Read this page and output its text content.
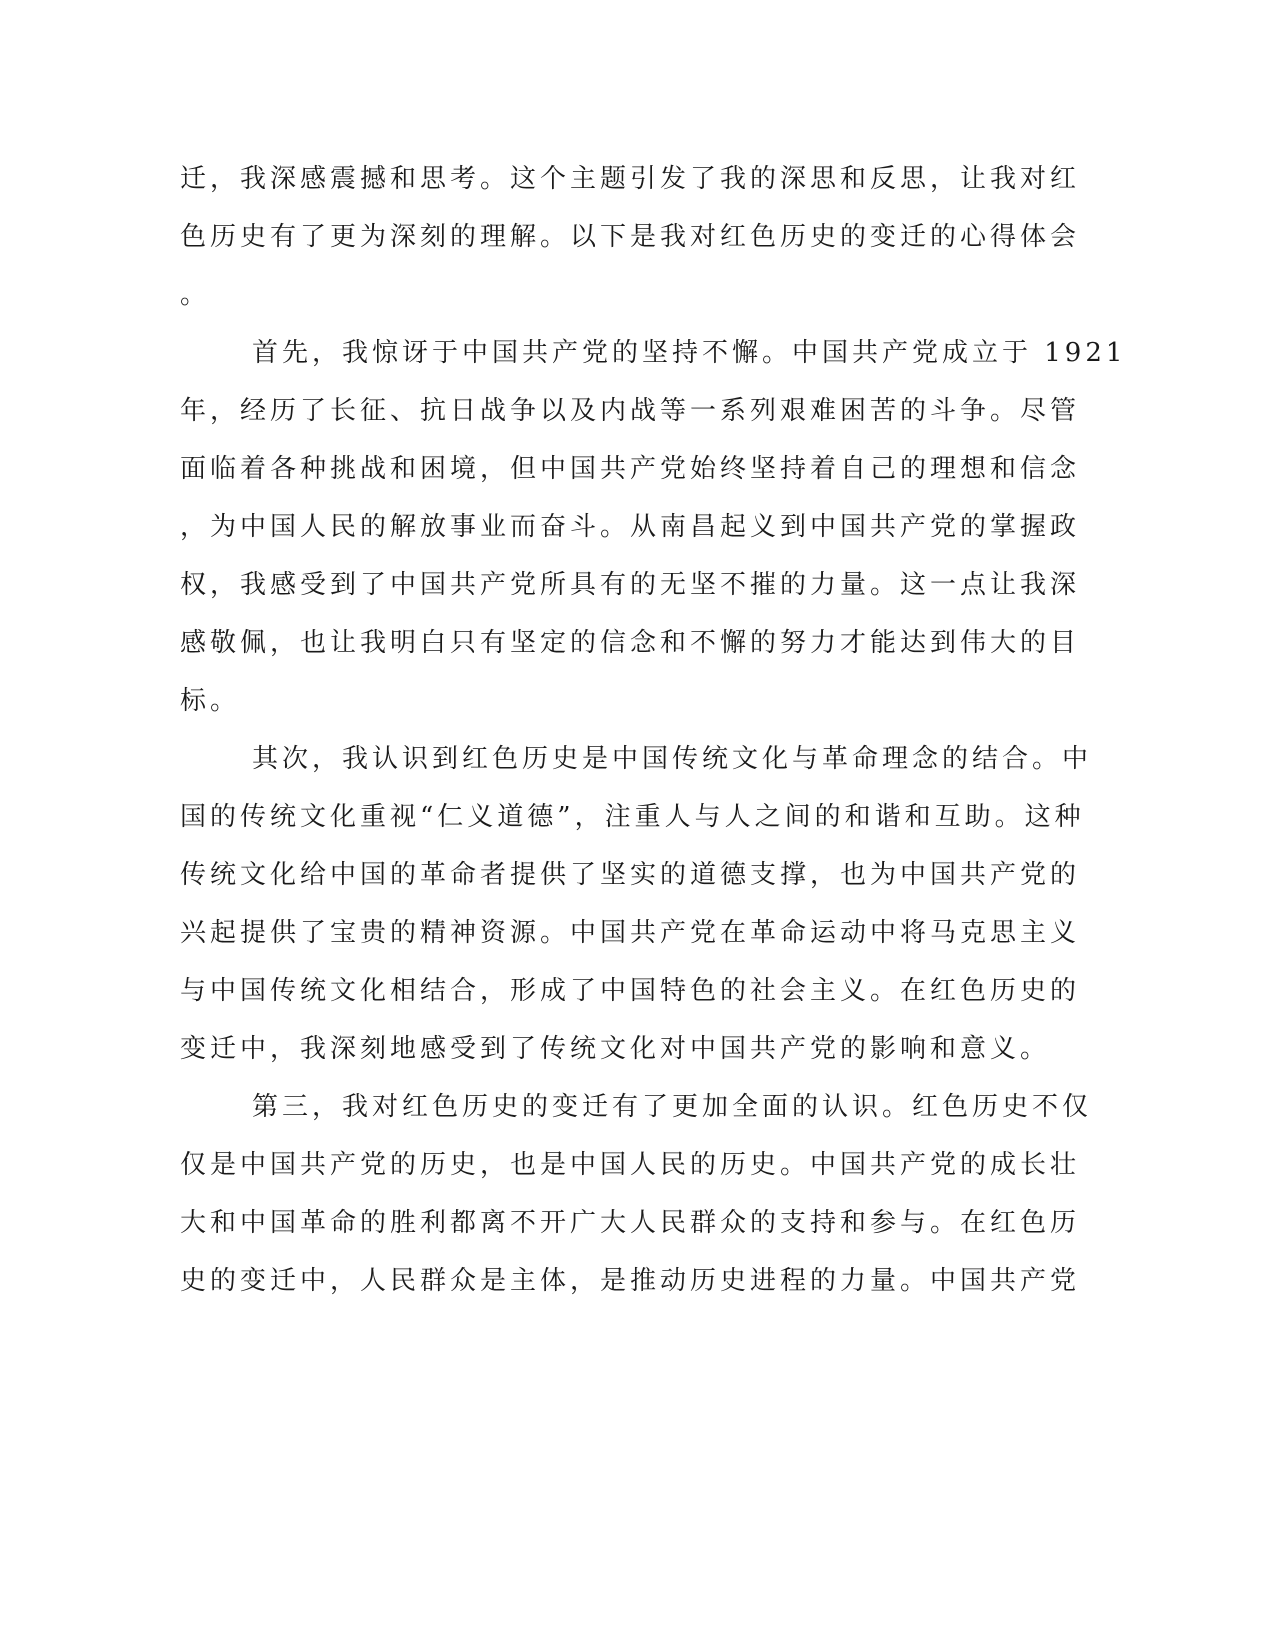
迁，我深感震撼和思考。这个主题引发了我的深思和反思，让我对红
色历史有了更为深刻的理解。以下是我对红色历史的变迁的心得体会
。
首先，我惊讶于中国共产党的坚持不懈。中国共产党成立于 1921
年，经历了长征、抗日战争以及内战等一系列艰难困苦的斗争。尽管
面临着各种挑战和困境，但中国共产党始终坚持着自己的理想和信念
，为中国人民的解放事业而奋斗。从南昌起义到中国共产党的掌握政
权，我感受到了中国共产党所具有的无坚不摧的力量。这一点让我深
感敬佩，也让我明白只有坚定的信念和不懈的努力才能达到伟大的目
标。
其次，我认识到红色历史是中国传统文化与革命理念的结合。中
国的传统文化重视“仁义道德”，注重人与人之间的和谐和互助。这种
传统文化给中国的革命者提供了坚实的道德支撑，也为中国共产党的
兴起提供了宝贵的精神资源。中国共产党在革命运动中将马克思主义
与中国传统文化相结合，形成了中国特色的社会主义。在红色历史的
变迁中，我深刻地感受到了传统文化对中国共产党的影响和意义。
第三，我对红色历史的变迁有了更加全面的认识。红色历史不仅
仅是中国共产党的历史，也是中国人民的历史。中国共产党的成长壮
大和中国革命的胜利都离不开广大人民群众的支持和参与。在红色历
史的变迁中，人民群众是主体，是推动历史进程的力量。中国共产党
